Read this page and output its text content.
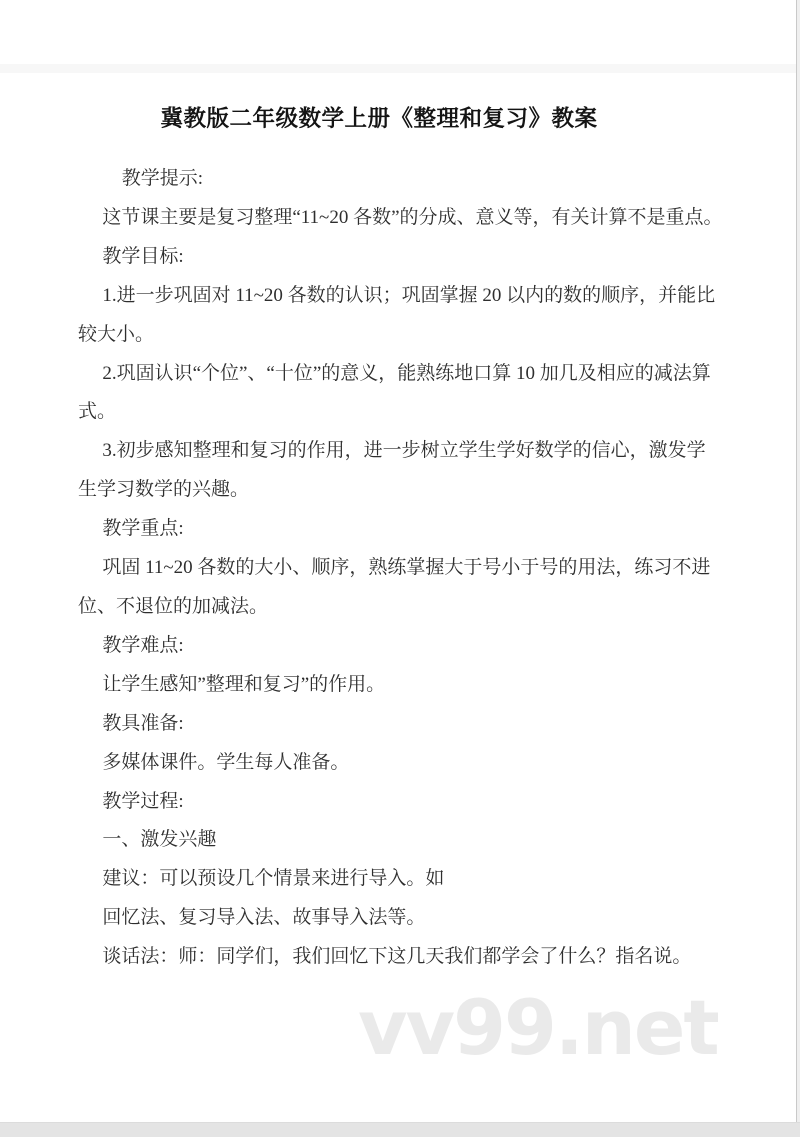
冀教版二年级数学上册《整理和复习》教案

教学提示:

这节课主要是复习整理“11~20 各数”的分成、意义等，有关计算不是重点。

教学目标:

1.进一步巩固对 11~20 各数的认识；巩固掌握 20 以内的数的顺序，并能比较大小。

2.巩固认识“个位”、“十位”的意义，能熟练地口算 10 加几及相应的减法算式。

3.初步感知整理和复习的作用，进一步树立学生学好数学的信心，激发学生学习数学的兴趣。

教学重点:

巩固 11~20 各数的大小、顺序，熟练掌握大于号小于号的用法，练习不进位、不退位的加减法。

教学难点:

让学生感知”整理和复习”的作用。

教具准备:

多媒体课件。学生每人准备。

教学过程:

一、激发兴趣

建议：可以预设几个情景来进行导入。如

回忆法、复习导入法、故事导入法等。

谈话法：师：同学们，我们回忆下这几天我们都学会了什么？指名说。

vv99.net
